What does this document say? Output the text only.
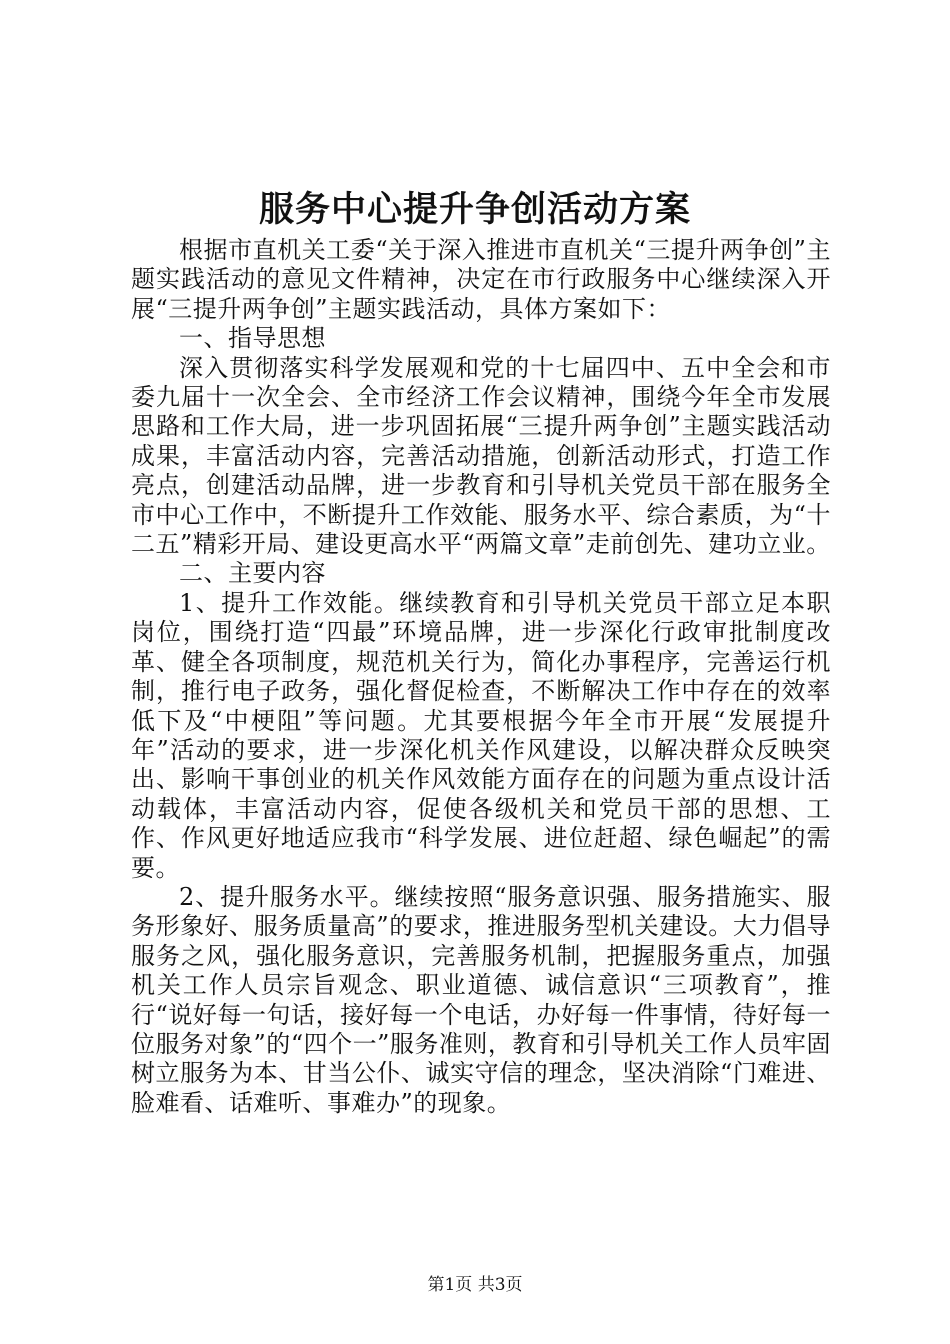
服务中心提升争创活动方案

根据市直机关工委“关于深入推进市直机关“三提升两争创”主题实践活动的意见文件精神，决定在市行政服务中心继续深入开展“三提升两争创”主题实践活动，具体方案如下：

一、指导思想

深入贯彻落实科学发展观和党的十七届四中、五中全会和市委九届十一次全会、全市经济工作会议精神，围绕今年全市发展思路和工作大局，进一步巩固拓展“三提升两争创”主题实践活动成果，丰富活动内容，完善活动措施，创新活动形式，打造工作亮点，创建活动品牌，进一步教育和引导机关党员干部在服务全市中心工作中，不断提升工作效能、服务水平、综合素质，为“十二五”精彩开局、建设更高水平“两篇文章”走前创先、建功立业。

二、主要内容

1、提升工作效能。继续教育和引导机关党员干部立足本职岗位，围绕打造“四最”环境品牌，进一步深化行政审批制度改革、健全各项制度，规范机关行为，简化办事程序，完善运行机制，推行电子政务，强化督促检查，不断解决工作中存在的效率低下及“中梗阻”等问题。尤其要根据今年全市开展“发展提升年”活动的要求，进一步深化机关作风建设，以解决群众反映突出、影响干事创业的机关作风效能方面存在的问题为重点设计活动载体，丰富活动内容，促使各级机关和党员干部的思想、工作、作风更好地适应我市“科学发展、进位赶超、绿色崛起”的需要。

2、提升服务水平。继续按照“服务意识强、服务措施实、服务形象好、服务质量高”的要求，推进服务型机关建设。大力倡导服务之风，强化服务意识，完善服务机制，把握服务重点，加强机关工作人员宗旨观念、职业道德、诚信意识“三项教育”，推行“说好每一句话，接好每一个电话，办好每一件事情，待好每一位服务对象”的“四个一”服务准则，教育和引导机关工作人员牢固树立服务为本、甘当公仆、诚实守信的理念，坚决消除“门难进、脸难看、话难听、事难办”的现象。

第1页 共3页
